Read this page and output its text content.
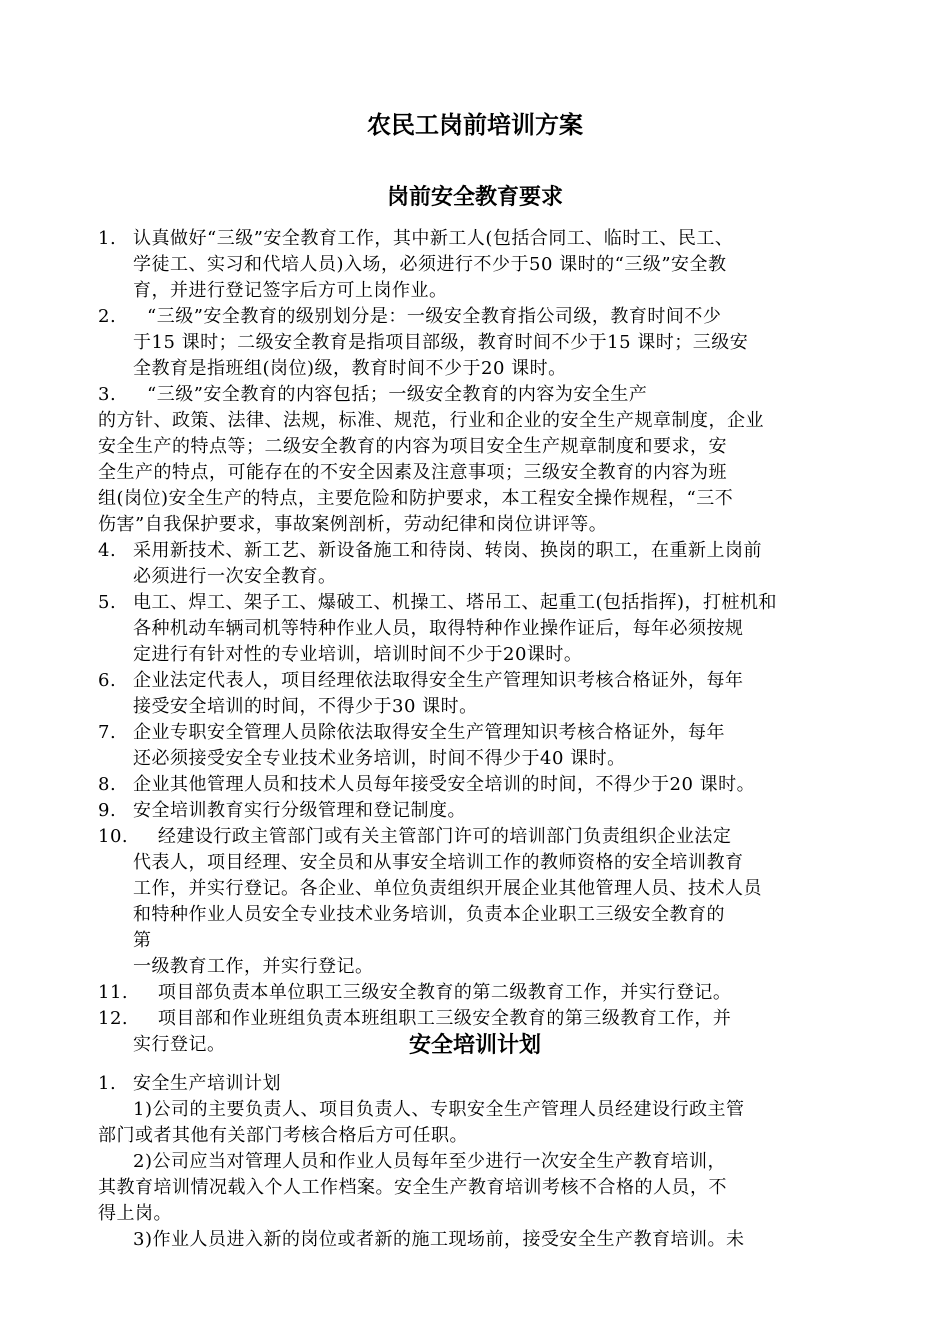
农民工岗前培训方案
岗前安全教育要求
1. 认真做好“三级”安全教育工作，其中新工人(包括合同工、临时工、民工、
学徒工、实习和代培人员)入场，必须进行不少于50 课时的“三级”安全教
育，并进行登记签字后方可上岗作业。
2.	“三级”安全教育的级别划分是：一级安全教育指公司级，教育时间不少
于15 课时；二级安全教育是指项目部级，教育时间不少于15 课时；三级安
全教育是指班组(岗位)级，教育时间不少于20 课时。
3.	“三级”安全教育的内容包括；一级安全教育的内容为安全生产
的方针、政策、法律、法规，标准、规范，行业和企业的安全生产规章制度，企业
安全生产的特点等；二级安全教育的内容为项目安全生产规章制度和要求，安
全生产的特点，可能存在的不安全因素及注意事项；三级安全教育的内容为班
组(岗位)安全生产的特点，主要危险和防护要求，本工程安全操作规程，“三不
伤害”自我保护要求，事故案例剖析，劳动纪律和岗位讲评等。
4. 采用新技术、新工艺、新设备施工和待岗、转岗、换岗的职工，在重新上岗前
必须进行一次安全教育。
5. 电工、焊工、架子工、爆破工、机操工、塔吊工、起重工(包括指挥)，打桩机和
各种机动车辆司机等特种作业人员，取得特种作业操作证后，每年必须按规
定进行有针对性的专业培训，培训时间不少于20课时。
6. 企业法定代表人，项目经理依法取得安全生产管理知识考核合格证外，每年
接受安全培训的时间，不得少于30 课时。
7. 企业专职安全管理人员除依法取得安全生产管理知识考核合格证外，每年
还必须接受安全专业技术业务培训，时间不得少于40 课时。
8. 企业其他管理人员和技术人员每年接受安全培训的时间，不得少于20 课时。
9. 安全培训教育实行分级管理和登记制度。
10. 经建设行政主管部门或有关主管部门许可的培训部门负责组织企业法定
代表人，项目经理、安全员和从事安全培训工作的教师资格的安全培训教育
工作，并实行登记。各企业、单位负责组织开展企业其他管理人员、技术人员
和特种作业人员安全专业技术业务培训，负责本企业职工三级安全教育的
第
一级教育工作，并实行登记。
11. 项目部负责本单位职工三级安全教育的第二级教育工作，并实行登记。
12. 项目部和作业班组负责本班组职工三级安全教育的第三级教育工作，并
实行登记。	安全培训计划
1. 安全生产培训计划
1)公司的主要负责人、项目负责人、专职安全生产管理人员经建设行政主管
部门或者其他有关部门考核合格后方可任职。
2)公司应当对管理人员和作业人员每年至少进行一次安全生产教育培训，
其教育培训情况载入个人工作档案。安全生产教育培训考核不合格的人员，不
得上岗。
3)作业人员进入新的岗位或者新的施工现场前，接受安全生产教育培训。未
